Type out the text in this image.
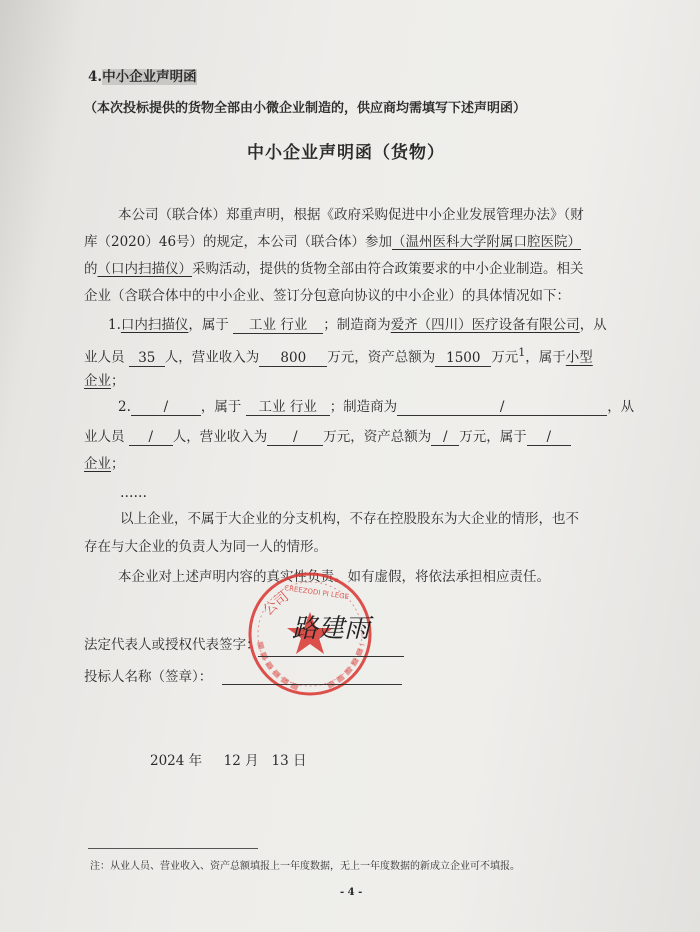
4.中小企业声明函
（本次投标提供的货物全部由小微企业制造的，供应商均需填写下述声明函）
中小企业声明函（货物）
本公司（联合体）郑重声明，根据《政府采购促进中小企业发展管理办法》（财
库（2020）46号）的规定，本公司（联合体）参加（温州医科大学附属口腔医院）
的（口内扫描仪）采购活动，提供的货物全部由符合政策要求的中小企业制造。相关
企业（含联合体中的中小企业、签订分包意向协议的中小企业）的具体情况如下：
1.口内扫描仪，属于 工业 行业 ；制造商为爱齐（四川）医疗设备有限公司，从
业人员 35 人，营业收入为 800 万元，资产总额为 1500 万元$^1$，属于小型
企业；
2. / ，属于 工业 行业 ；制造商为	/	，从
业人员 / 人，营业收入为 / 万元，资产总额为 / 万元，属于 /
企业；
……
以上企业，不属于大企业的分支机构，不存在控股股东为大企业的情形，也不
存在与大企业的负责人为同一人的情形。
本企业对上述声明内容的真实性负责。如有虚假，将依法承担相应责任。
公司
CREEZODI PI LEGE
法定代表人或授权代表签字：
路建雨
投标人名称（签章）：
2024 年 12 月 13 日
注：从业人员、营业收入、资产总额填报上一年度数据，无上一年度数据的新成立企业可不填报。
- 4 -
